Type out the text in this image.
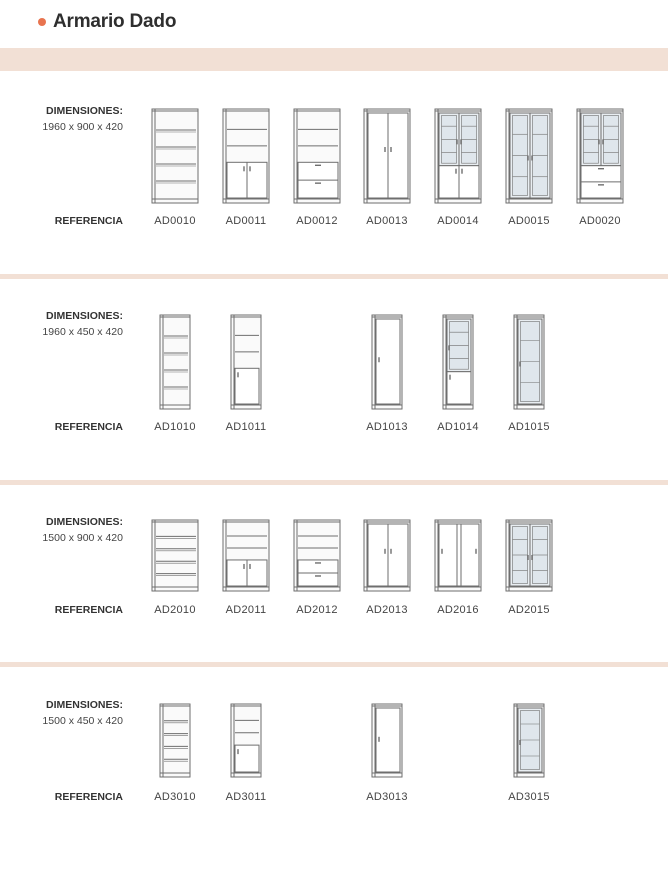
Armario Dado
DIMENSIONES:
1960 x 900 x 420
REFERENCIA	AD0010	AD0011	AD0012	AD0013	AD0014	AD0015	AD0020
DIMENSIONES:
1960 x 450 x 420
REFERENCIA	AD1010	AD1011	AD1013	AD1014	AD1015
DIMENSIONES:
1500 x 900 x 420
REFERENCIA	AD2010	AD2011	AD2012	AD2013	AD2016	AD2015
DIMENSIONES:
1500 x 450 x 420
REFERENCIA	AD3010	AD3011	AD3013	AD3015
